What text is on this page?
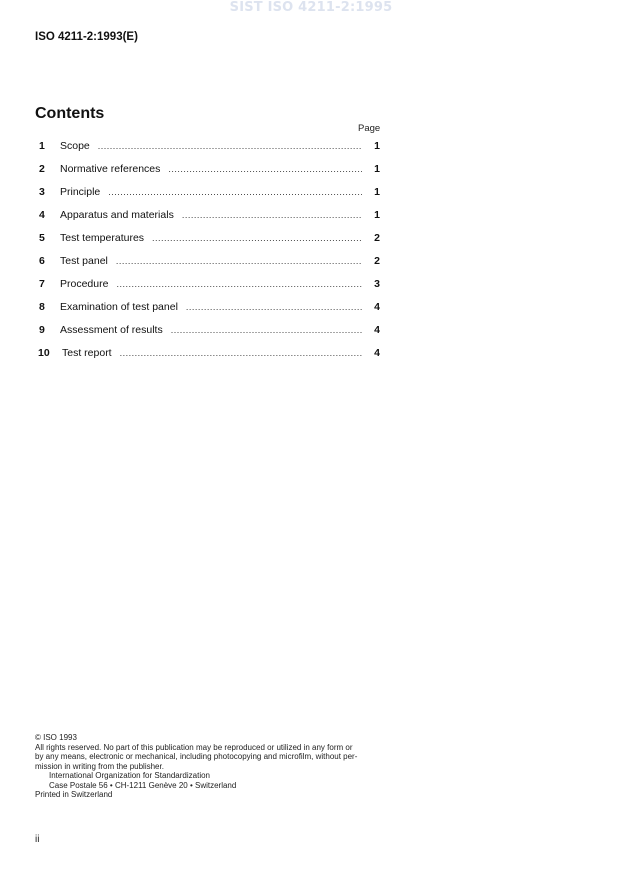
SIST ISO 4211-2:1995
ISO 4211-2:1993(E)
Contents
Page
1	Scope .....	1
2	Normative references .....	1
3	Principle .....	1
4	Apparatus and materials .....	1
5	Test temperatures .....	2
6	Test panel .....	2
7	Procedure .....	3
8	Examination of test panel .....	4
9	Assessment of results .....	4
10	Test report .....	4
© ISO 1993
All rights reserved. No part of this publication may be reproduced or utilized in any form or
by any means, electronic or mechanical, including photocopying and microfilm, without per-
mission in writing from the publisher.
International Organization for Standardization
Case Postale 56 • CH-1211 Genève 20 • Switzerland
Printed in Switzerland
ii
